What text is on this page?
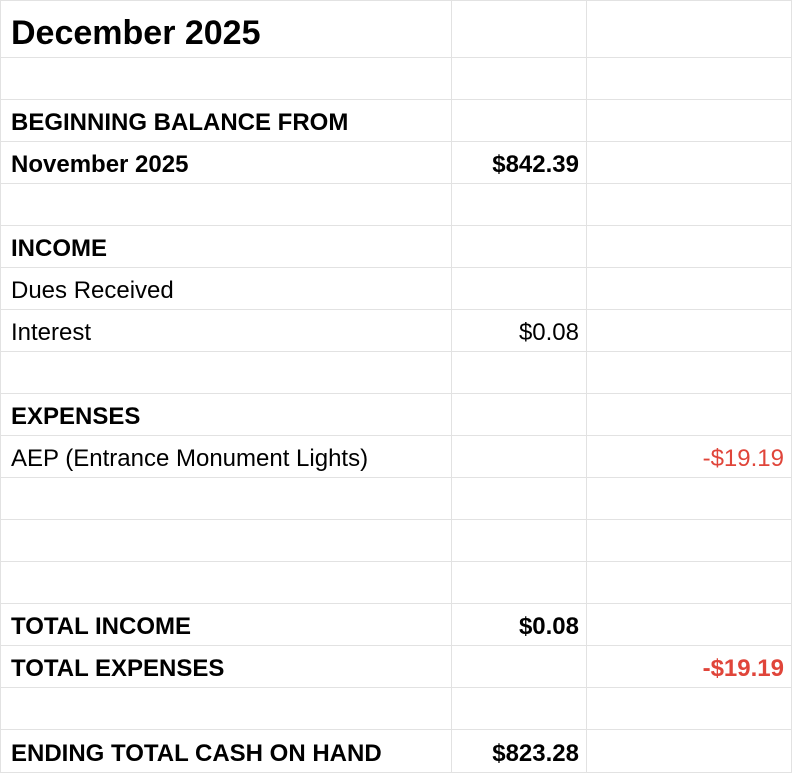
December 2025		

BEGINNING BALANCE FROM		
November 2025	$842.39	

INCOME		
Dues Received		
Interest	$0.08	

EXPENSES		
AEP (Entrance Monument Lights)		-$19.19

TOTAL INCOME	$0.08	
TOTAL EXPENSES		-$19.19

ENDING TOTAL CASH ON HAND	$823.28	
